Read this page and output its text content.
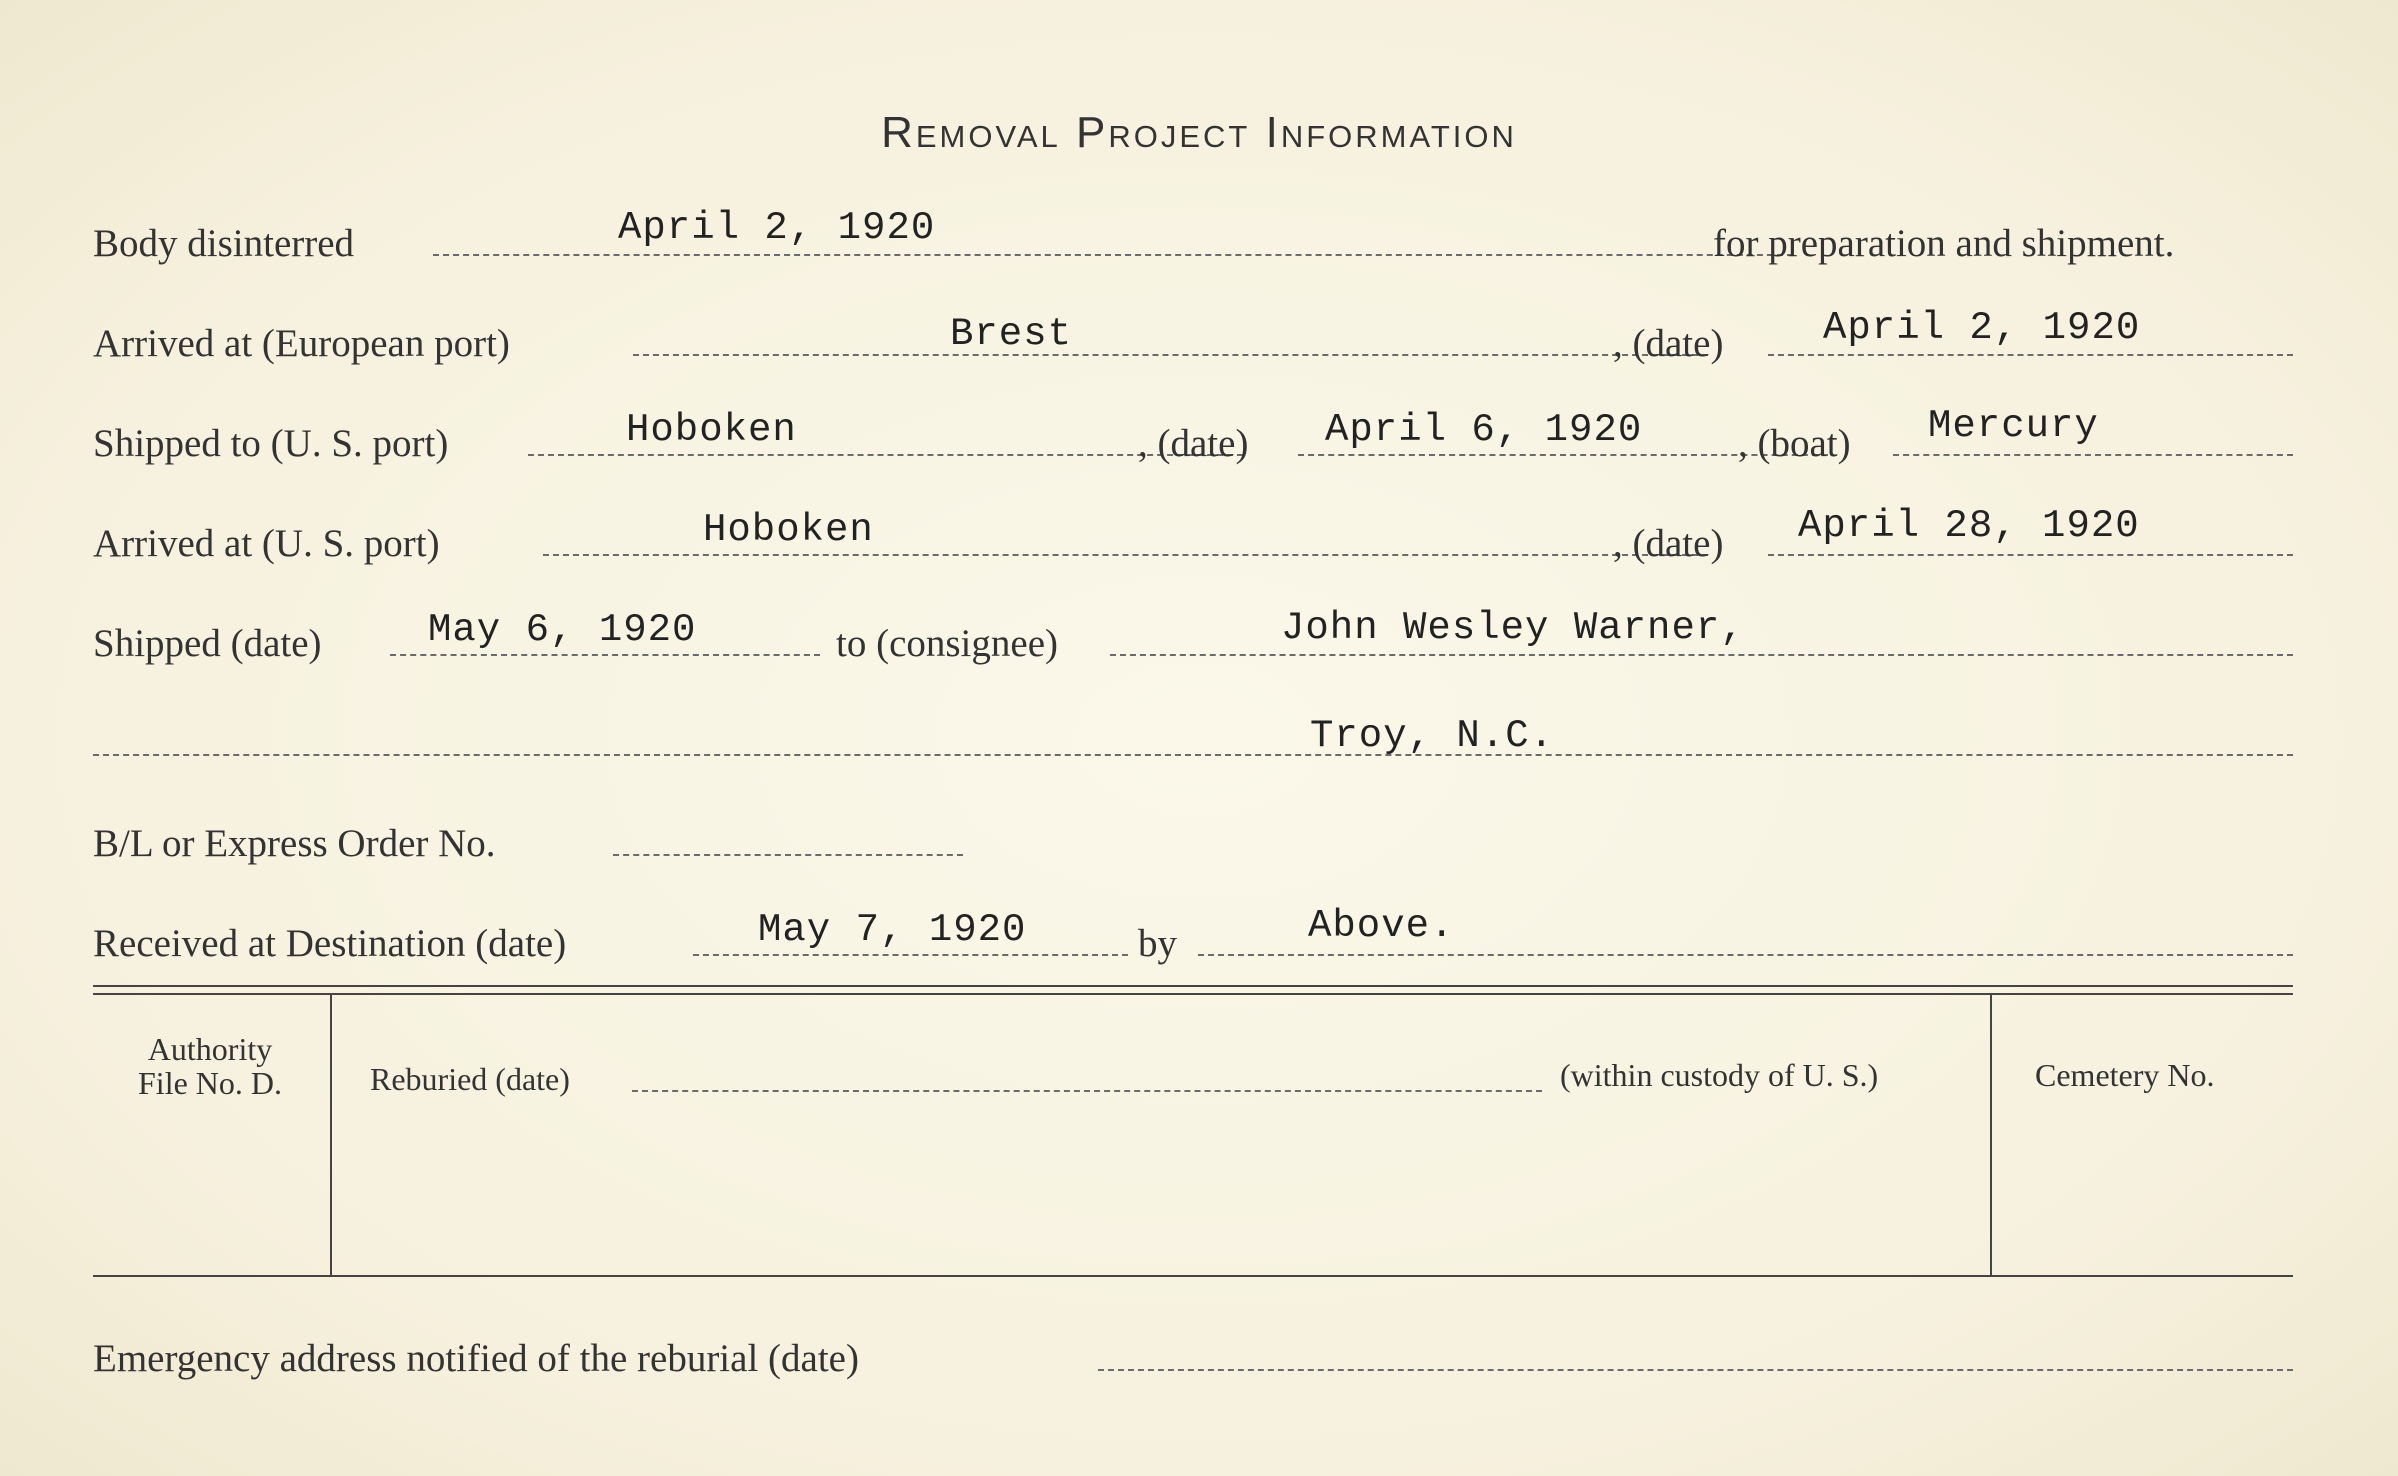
Removal Project Information
Body disinterred	April 2, 1920	for preparation and shipment.
Arrived at (European port)	Brest	, (date)	April 2, 1920
Shipped to (U. S. port)	Hoboken	, (date) April 6, 1920 , (boat) Mercury
Arrived at (U. S. port)	Hoboken	, (date) April 28, 1920
Shipped (date)	May 6, 1920	to (consignee)	John Wesley Warner,
Troy, N.C.
B/L or Express Order No.
Received at Destination (date)	May 7, 1920	by	Above.
Authority
File No. D.	Reburied (date)	(within custody of U. S.)	Cemetery No.
Emergency address notified of the reburial (date)
